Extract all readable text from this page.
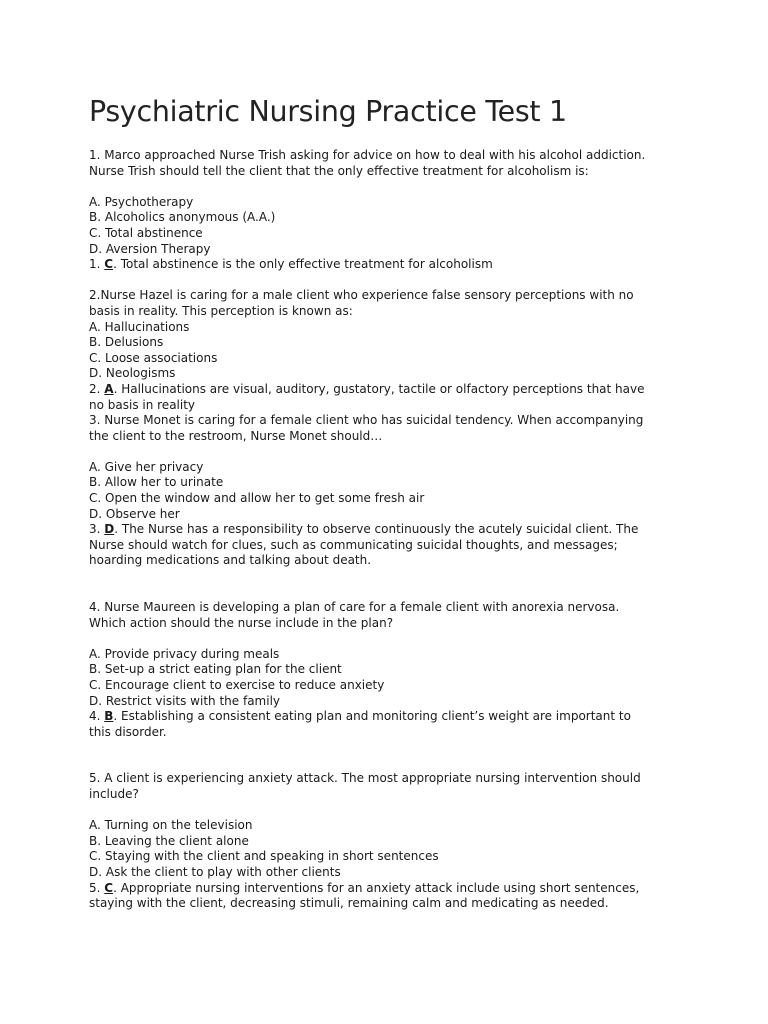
Psychiatric Nursing Practice Test 1
1. Marco approached Nurse Trish asking for advice on how to deal with his alcohol addiction.
Nurse Trish should tell the client that the only effective treatment for alcoholism is:
A. Psychotherapy
B. Alcoholics anonymous (A.A.)
C. Total abstinence
D. Aversion Therapy
1. C. Total abstinence is the only effective treatment for alcoholism
2.Nurse Hazel is caring for a male client who experience false sensory perceptions with no
basis in reality. This perception is known as:
A. Hallucinations
B. Delusions
C. Loose associations
D. Neologisms
2. A. Hallucinations are visual, auditory, gustatory, tactile or olfactory perceptions that have
no basis in reality
3. Nurse Monet is caring for a female client who has suicidal tendency. When accompanying
the client to the restroom, Nurse Monet should…
A. Give her privacy
B. Allow her to urinate
C. Open the window and allow her to get some fresh air
D. Observe her
3. D. The Nurse has a responsibility to observe continuously the acutely suicidal client. The
Nurse should watch for clues, such as communicating suicidal thoughts, and messages;
hoarding medications and talking about death.
4. Nurse Maureen is developing a plan of care for a female client with anorexia nervosa.
Which action should the nurse include in the plan?
A. Provide privacy during meals
B. Set-up a strict eating plan for the client
C. Encourage client to exercise to reduce anxiety
D. Restrict visits with the family
4. B. Establishing a consistent eating plan and monitoring client’s weight are important to
this disorder.
5. A client is experiencing anxiety attack. The most appropriate nursing intervention should
include?
A. Turning on the television
B. Leaving the client alone
C. Staying with the client and speaking in short sentences
D. Ask the client to play with other clients
5. C. Appropriate nursing interventions for an anxiety attack include using short sentences,
staying with the client, decreasing stimuli, remaining calm and medicating as needed.
